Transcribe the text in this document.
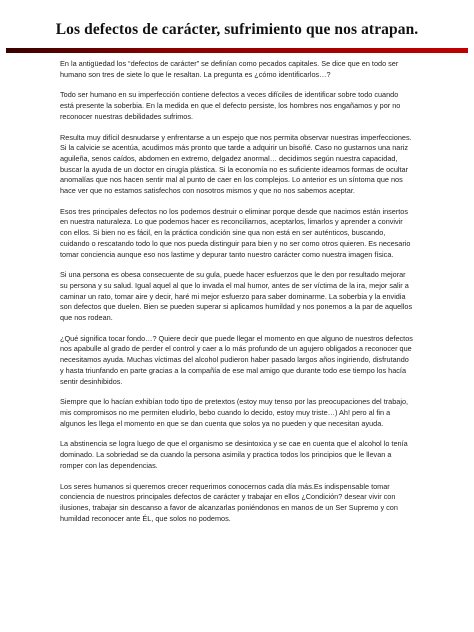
Los defectos de carácter, sufrimiento que nos atrapan.

En la antigüedad los “defectos de carácter” se definían como pecados capitales. Se dice que en todo ser humano son tres de siete lo que le resaltan. La pregunta es ¿cómo identificarlos…?

Todo ser humano en su imperfección contiene defectos a veces difíciles de identificar sobre todo cuando está presente la soberbia. En la medida en que el defecto persiste, los hombres nos engañamos y por no reconocer nuestras debilidades sufrimos.

Resulta muy difícil desnudarse y enfrentarse a un espejo que nos permita observar nuestras imperfecciones. Si la calvicie se acentúa, acudimos más pronto que tarde a adquirir un bisoñé. Caso no gustarnos una nariz aguileña, senos caídos, abdomen en extremo, delgadez anormal… decidimos según nuestra capacidad, buscar la ayuda de un doctor en cirugía plástica. Si la economía no es suficiente ideamos formas de ocultar anomalías que nos hacen sentir mal al punto de caer en los complejos. Lo anterior es un síntoma que nos hace ver que no estamos satisfechos con nosotros mismos y que no nos sabemos aceptar.

Esos tres principales defectos no los podemos destruir o eliminar porque desde que nacimos están insertos en nuestra naturaleza. Lo que podemos hacer es reconciliarnos, aceptarlos, limarlos y aprender a convivir con ellos. Si bien no es fácil, en la práctica condición sine qua non está en ser auténticos, buscando, cuidando o rescatando todo lo que nos pueda distinguir para bien y no ser como otros quieren. Es necesario tomar conciencia aunque eso nos lastime y depurar tanto nuestro carácter como nuestra imagen física.

Si una persona es obesa consecuente de su gula, puede hacer esfuerzos que le den por resultado mejorar su persona y su salud. Igual aquel al que lo invada el mal humor, antes de ser víctima de la ira, mejor salir a caminar un rato, tomar aire y decir, haré mi mejor esfuerzo para saber dominarme. La soberbia y la envidia son defectos que duelen. Bien se pueden superar si aplicamos humildad y nos ponemos a la par de aquellos que nos rodean.

¿Qué significa tocar fondo…? Quiere decir que puede llegar el momento en que alguno de nuestros defectos nos apabulle al grado de perder el control y caer a lo más profundo de un agujero obligados a reconocer que necesitamos ayuda. Muchas víctimas del alcohol pudieron haber pasado largos años ingiriendo, disfrutando y hasta triunfando en parte gracias a la compañía de ese mal amigo que durante todo ese tiempo los hacía sentir desinhibidos.

Siempre que lo hacían exhibían todo tipo de pretextos (estoy muy tenso por las preocupaciones del trabajo, mis compromisos no me permiten eludirlo, bebo cuando lo decido, estoy muy triste…) Ah! pero al fin a algunos les llega el momento en que se dan cuenta que solos ya no pueden y que necesitan ayuda.

La abstinencia se logra luego de que el organismo se desintoxica y se cae en cuenta que el alcohol lo tenía dominado. La sobriedad se da cuando la persona asimila y practica todos los principios que le llevan a romper con las dependencias.

Los seres humanos si queremos crecer requerimos conocernos cada día más.Es indispensable tomar conciencia de nuestros principales defectos de carácter y trabajar en ellos ¿Condición? desear vivir con ilusiones, trabajar sin descanso a favor de alcanzarlas poniéndonos en manos de un Ser Supremo y con humildad reconocer ante ÉL, que solos no podemos.
